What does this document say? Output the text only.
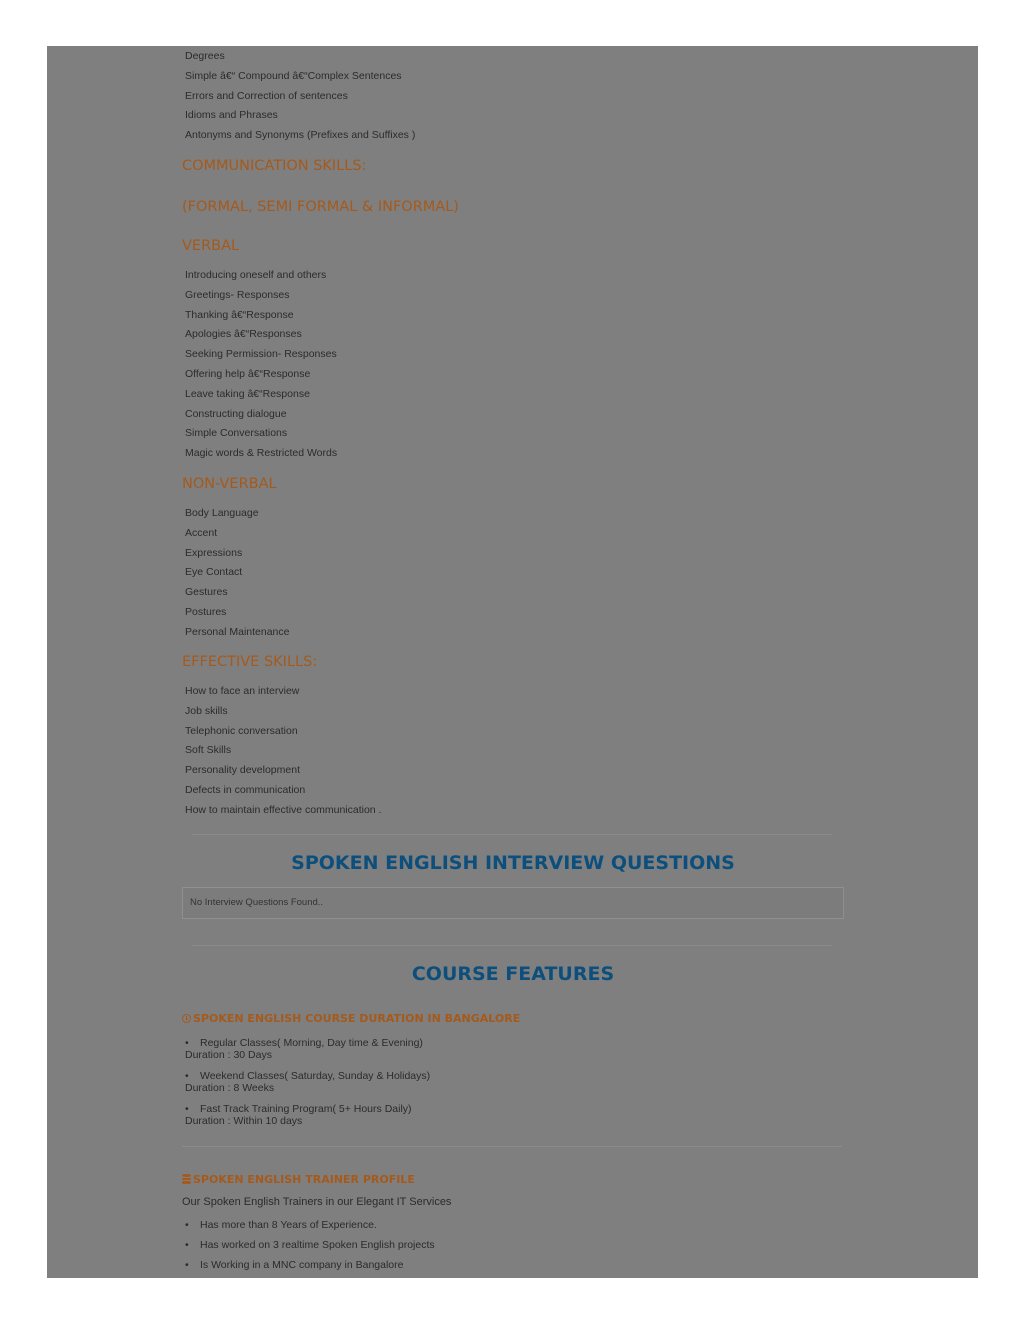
Degrees
Simple â€“ Compound â€“Complex Sentences
Errors and Correction of sentences
Idioms and Phrases
Antonyms and Synonyms (Prefixes and Suffixes )
COMMUNICATION SKILLS:
(FORMAL, SEMI FORMAL & INFORMAL)
VERBAL
Introducing oneself and others
Greetings- Responses
Thanking â€“Response
Apologies â€“Responses
Seeking Permission- Responses
Offering help â€“Response
Leave taking â€“Response
Constructing dialogue
Simple Conversations
Magic words & Restricted Words
NON-VERBAL
Body Language
Accent
Expressions
Eye Contact
Gestures
Postures
Personal Maintenance
EFFECTIVE SKILLS:
How to face an interview
Job skills
Telephonic conversation
Soft Skills
Personality development
Defects in communication
How to maintain effective communication .
SPOKEN ENGLISH INTERVIEW QUESTIONS
No Interview Questions Found..
COURSE FEATURES
SPOKEN ENGLISH COURSE DURATION IN BANGALORE
• Regular Classes( Morning, Day time & Evening)
Duration : 30 Days
• Weekend Classes( Saturday, Sunday & Holidays)
Duration : 8 Weeks
• Fast Track Training Program( 5+ Hours Daily)
Duration : Within 10 days
SPOKEN ENGLISH TRAINER PROFILE
Our Spoken English Trainers in our Elegant IT Services
• Has more than 8 Years of Experience.
• Has worked on 3 realtime Spoken English projects
• Is Working in a MNC company in Bangalore
